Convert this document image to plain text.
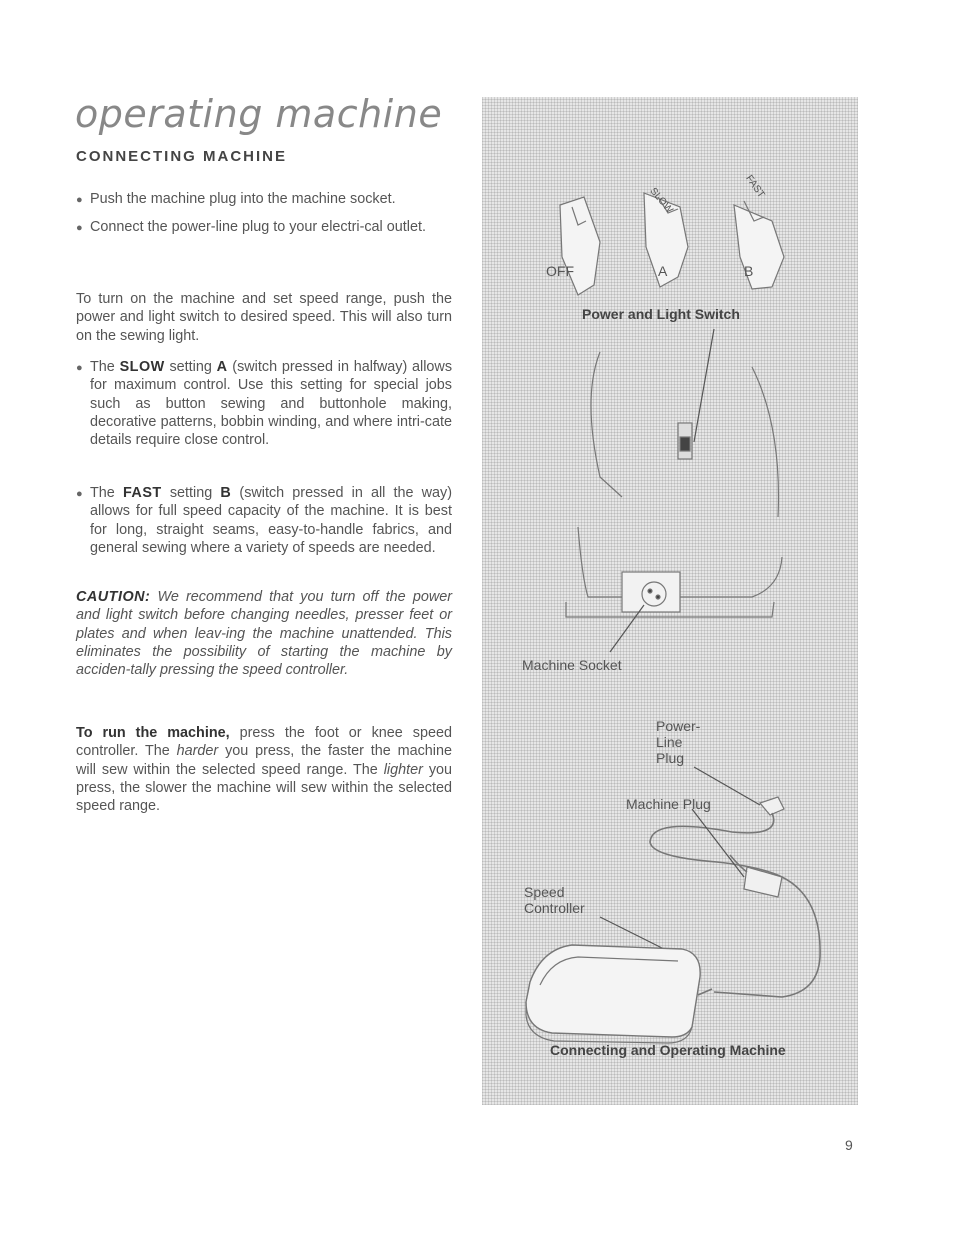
operating machine
CONNECTING MACHINE
● Push the machine plug into the machine socket.
● Connect the power-line plug to your electri-cal outlet.

To turn on the machine and set speed range, push the power and light switch to desired speed. This will also turn on the sewing light.

● The SLOW setting A (switch pressed in halfway) allows for maximum control. Use this setting for special jobs such as button sewing and buttonhole making, decorative patterns, bobbin winding, and where intri-cate details require close control.
● The FAST setting B (switch pressed in all the way) allows for full speed capacity of the machine. It is best for long, straight seams, easy-to-handle fabrics, and general sewing where a variety of speeds are needed.

CAUTION: We recommend that you turn off the power and light switch before changing needles, presser feet or plates and when leav-ing the machine unattended. This eliminates the possibility of starting the machine by acciden-tally pressing the speed controller.

To run the machine, press the foot or knee speed controller. The harder you press, the faster the machine will sew within the selected speed range. The lighter you press, the slower the machine will sew within the selected speed range.

SLOW	FAST
OFF	A	B
Power and Light Switch
Machine Socket
Power-
Line
Plug
Machine Plug
Speed
Controller
Connecting and Operating Machine
9
